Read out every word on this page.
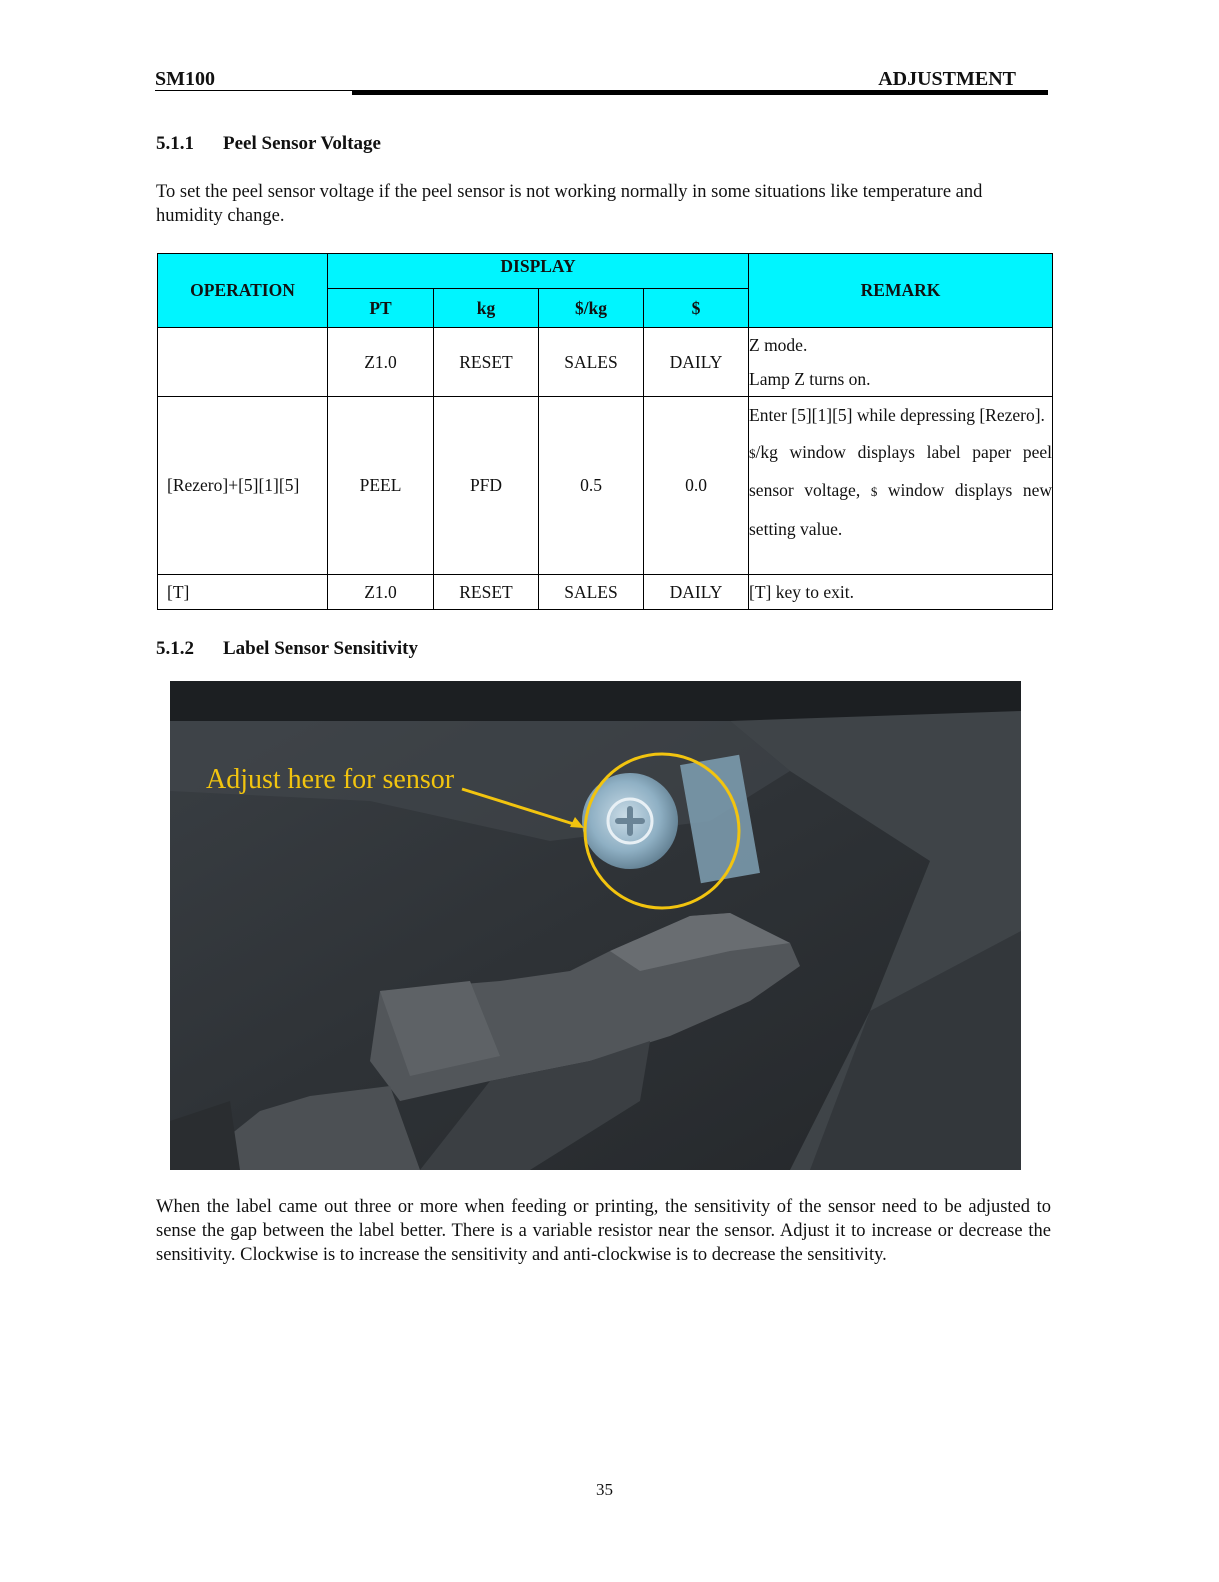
SM100	ADJUSTMENT
5.1.1 Peel Sensor Voltage
To set the peel sensor voltage if the peel sensor is not working normally in some situations like temperature and humidity change.
OPERATION	DISPLAY				REMARK
	PT	kg	$/kg	$	
	Z1.0	RESET	SALES	DAILY	Z mode.

Lamp Z turns on.

[Rezero]+[5][1][5]	PEEL	PFD	0.5	0.0	Enter [5][1][5] while depressing [Rezero].

$/kg window displays label paper peel sensor voltage, $ window displays new setting value.

[T]	Z1.0	RESET	SALES	DAILY	[T] key to exit.

5.1.2 Label Sensor Sensitivity
Adjust here for sensor
When the label came out three or more when feeding or printing, the sensitivity of the sensor need to be adjusted to sense the gap between the label better. There is a variable resistor near the sensor. Adjust it to increase or decrease the sensitivity. Clockwise is to increase the sensitivity and anti-clockwise is to decrease the sensitivity.
35
